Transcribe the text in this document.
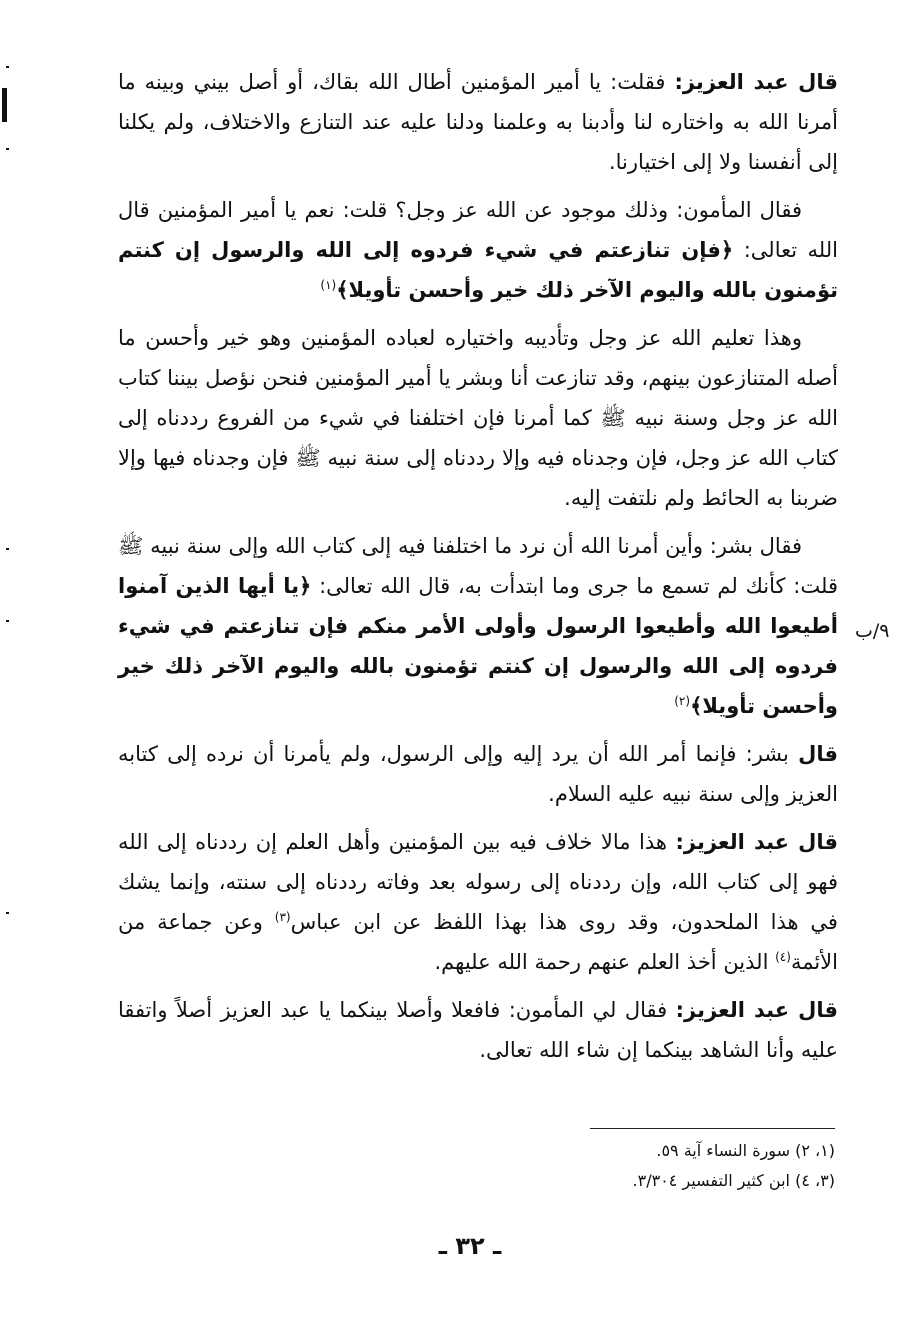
قال عبد العزيز: فقلت: يا أمير المؤمنين أطال الله بقاك، أو أصل بيني وبينه ما أمرنا الله به واختاره لنا وأدبنا به وعلمنا ودلنا عليه عند التنازع والاختلاف، ولم يكلنا إلى أنفسنا ولا إلى اختيارنا.

فقال المأمون: وذلك موجود عن الله عز وجل؟ قلت: نعم يا أمير المؤمنين قال الله تعالى: ﴿فإن تنازعتم في شيء فردوه إلى الله والرسول إن كنتم تؤمنون بالله واليوم الآخر ذلك خير وأحسن تأويلا﴾$^{(١)}$

وهذا تعليم الله عز وجل وتأديبه واختياره لعباده المؤمنين وهو خير وأحسن ما أصله المتنازعون بينهم، وقد تنازعت أنا وبشر يا أمير المؤمنين فنحن نؤصل بيننا كتاب الله عز وجل وسنة نبيه ﷺ كما أمرنا فإن اختلفنا في شيء من الفروع رددناه إلى كتاب الله عز وجل، فإن وجدناه فيه وإلا رددناه إلى سنة نبيه ﷺ فإن وجدناه فيها وإلا ضربنا به الحائط ولم نلتفت إليه.

فقال بشر: وأين أمرنا الله أن نرد ما اختلفنا فيه إلى كتاب الله وإلى سنة نبيه ﷺ قلت: كأنك لم تسمع ما جرى وما ابتدأت به، قال الله تعالى: ﴿يا أيها الذين آمنوا أطيعوا الله وأطيعوا الرسول وأولى الأمر منكم فإن تنازعتم في شيء فردوه إلى الله والرسول إن كنتم تؤمنون بالله واليوم الآخر ذلك خير وأحسن تأويلا﴾$^{(٢)}$

قال بشر: فإنما أمر الله أن يرد إليه وإلى الرسول، ولم يأمرنا أن نرده إلى كتابه العزيز وإلى سنة نبيه عليه السلام.

قال عبد العزيز: هذا مالا خلاف فيه بين المؤمنين وأهل العلم إن رددناه إلى الله فهو إلى كتاب الله، وإن رددناه إلى رسوله بعد وفاته رددناه إلى سنته، وإنما يشك في هذا الملحدون، وقد روى هذا بهذا اللفظ عن ابن عباس$^{(٣)}$ وعن جماعة من الأئمة$^{(٤)}$ الذين أخذ العلم عنهم رحمة الله عليهم.

قال عبد العزيز: فقال لي المأمون: فافعلا وأصلا بينكما يا عبد العزيز أصلاً واتفقا عليه وأنا الشاهد بينكما إن شاء الله تعالى.

٩/ب

(١، ٢) سورة النساء آية ٥٩.

(٣، ٤) ابن كثير التفسير ٣/٣٠٤.

ـ ٣٢ ـ
